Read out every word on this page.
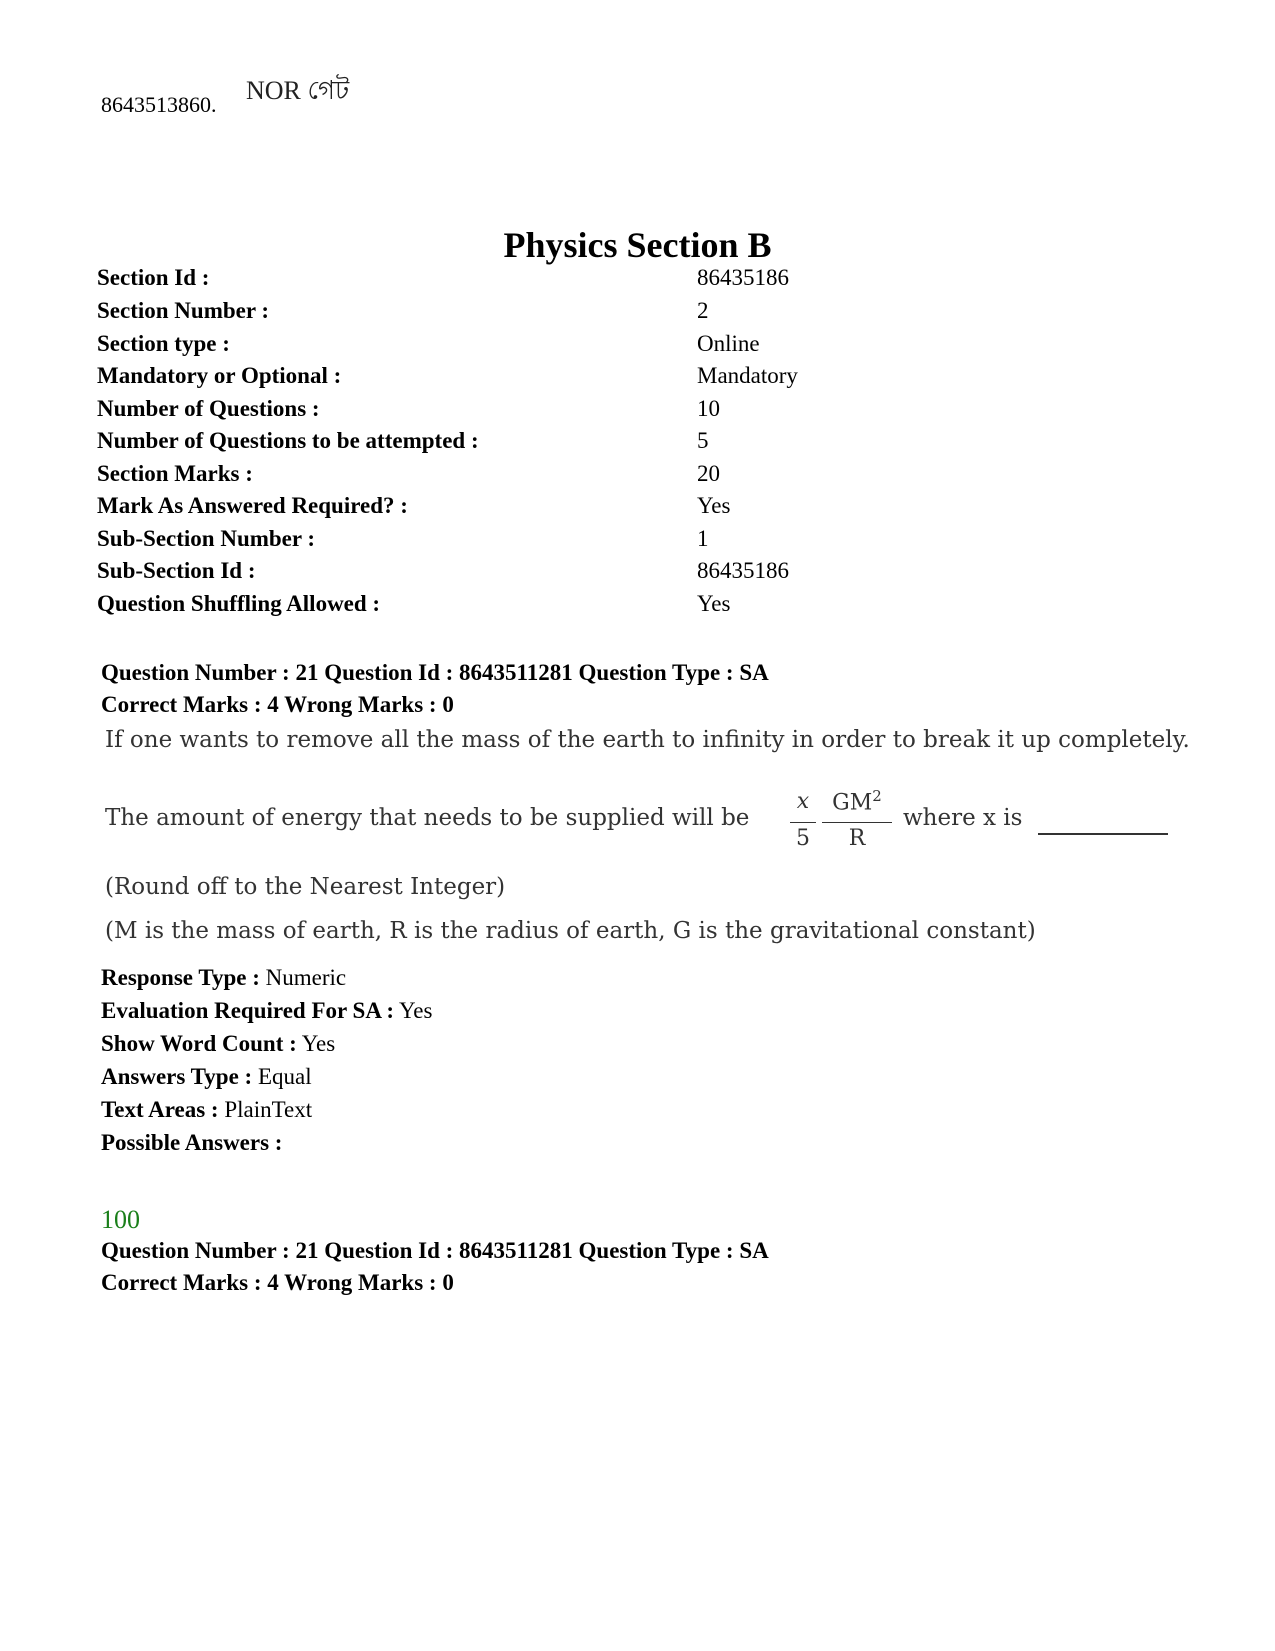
8643513860. NOR গেট
Physics Section B
Section Id :	86435186
Section Number :	2
Section type :	Online
Mandatory or Optional :	Mandatory
Number of Questions :	10
Number of Questions to be attempted :	5
Section Marks :	20
Mark As Answered Required? :	Yes
Sub-Section Number :	1
Sub-Section Id :	86435186
Question Shuffling Allowed :	Yes
Question Number : 21 Question Id : 8643511281 Question Type : SA
Correct Marks : 4 Wrong Marks : 0
If one wants to remove all the mass of the earth to infinity in order to break it up completely.
The amount of energy that needs to be supplied will be
x
5
$GM^2$
R
where x is
(Round off to the Nearest Integer)
(M is the mass of earth, R is the radius of earth, G is the gravitational constant)
Response Type : Numeric
Evaluation Required For SA : Yes
Show Word Count : Yes
Answers Type : Equal
Text Areas : PlainText
Possible Answers :
100
Question Number : 21 Question Id : 8643511281 Question Type : SA
Correct Marks : 4 Wrong Marks : 0
